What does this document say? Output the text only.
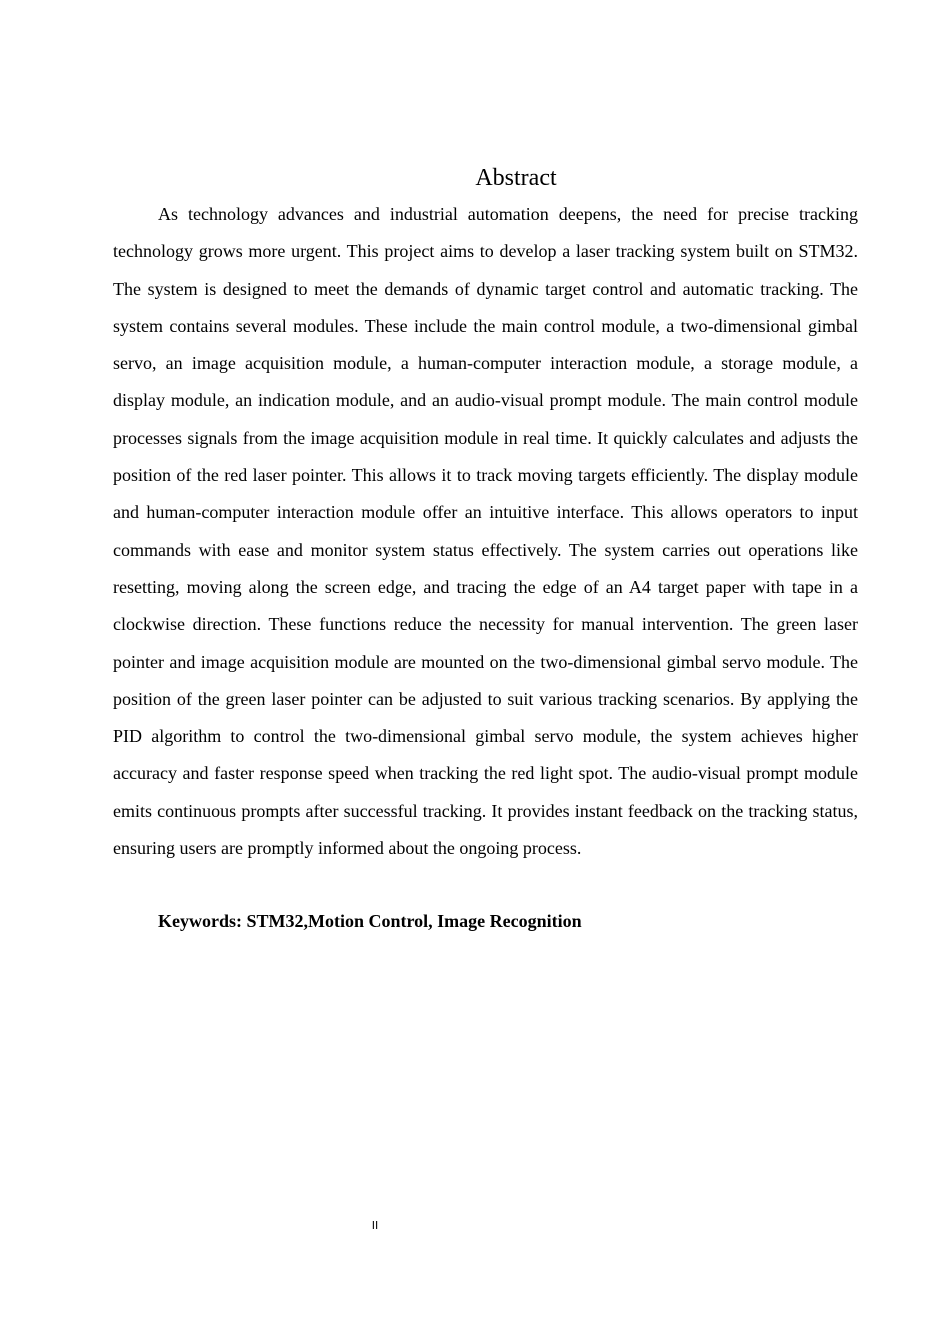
Abstract

As technology advances and industrial automation deepens, the need for precise tracking technology grows more urgent. This project aims to develop a laser tracking system built on STM32. The system is designed to meet the demands of dynamic target control and automatic tracking. The system contains several modules. These include the main control module, a two-dimensional gimbal servo, an image acquisition module, a human-computer interaction module, a storage module, a display module, an indication module, and an audio-visual prompt module. The main control module processes signals from the image acquisition module in real time. It quickly calculates and adjusts the position of the red laser pointer. This allows it to track moving targets efficiently. The display module and human-computer interaction module offer an intuitive interface. This allows operators to input commands with ease and monitor system status effectively. The system carries out operations like resetting, moving along the screen edge, and tracing the edge of an A4 target paper with tape in a clockwise direction. These functions reduce the necessity for manual intervention. The green laser pointer and image acquisition module are mounted on the two-dimensional gimbal servo module. The position of the green laser pointer can be adjusted to suit various tracking scenarios. By applying the PID algorithm to control the two-dimensional gimbal servo module, the system achieves higher accuracy and faster response speed when tracking the red light spot. The audio-visual prompt module emits continuous prompts after successful tracking. It provides instant feedback on the tracking status, ensuring users are promptly informed about the ongoing process.

Keywords: STM32,Motion Control, Image Recognition

II
